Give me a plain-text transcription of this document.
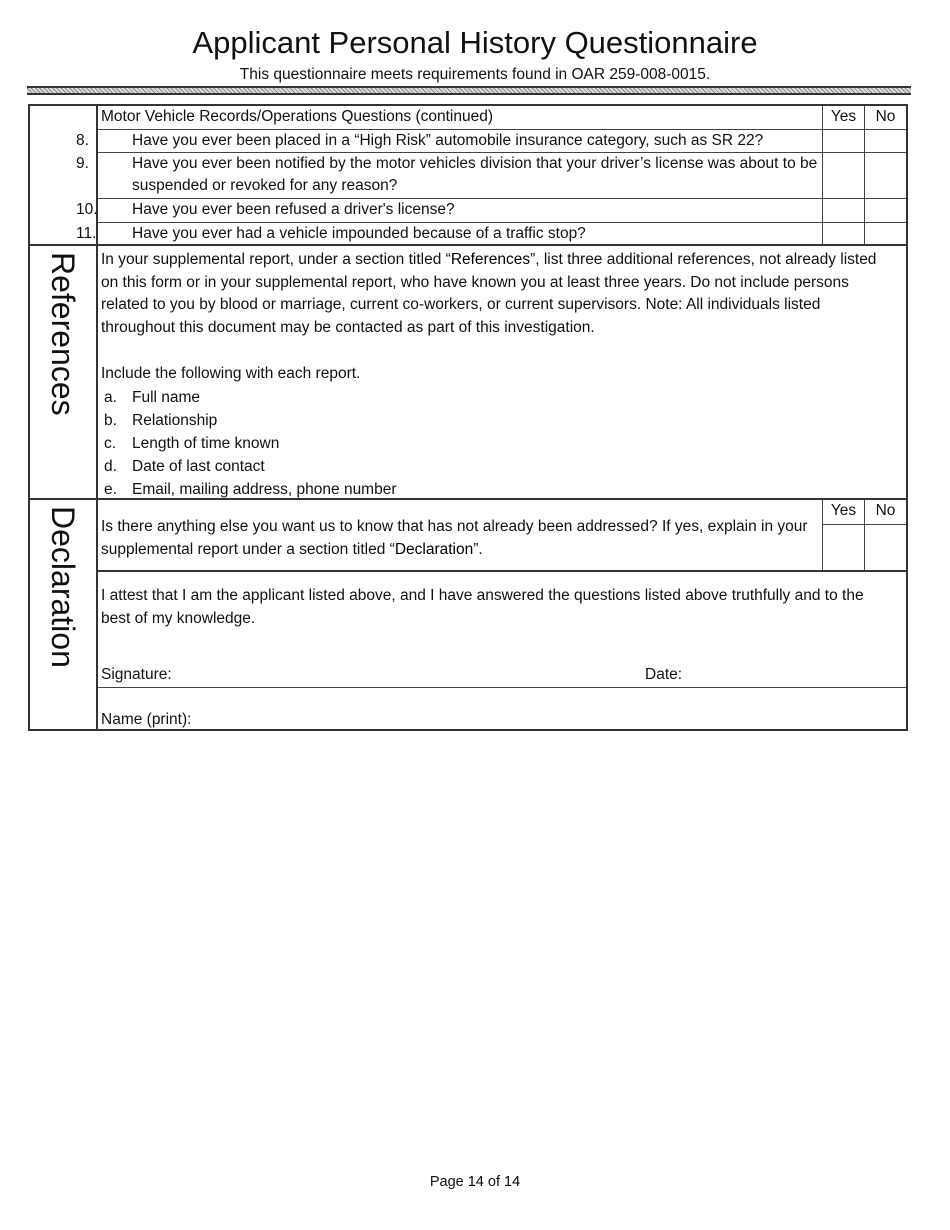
Applicant Personal History Questionnaire
This questionnaire meets requirements found in OAR 259-008-0015.
Motor Vehicle Records/Operations Questions (continued)	Yes	No
8.	Have you ever been placed in a “High Risk” automobile insurance category, such as SR 22?
9.	Have you ever been notified by the motor vehicles division that your driver’s license was about to be suspended or revoked for any reason?
10. Have you ever been refused a driver's license?
11. Have you ever had a vehicle impounded because of a traffic stop?
References In your supplemental report, under a section titled “References”, list three additional references, not already listed on this form or in your supplemental report, who have known you at least three years. Do not include persons related to you by blood or marriage, current co-workers, or current supervisors. Note: All individuals listed throughout this document may be contacted as part of this investigation.
Include the following with each report.
a. Full name
b. Relationship
c. Length of time known
d. Date of last contact
e. Email, mailing address, phone number
Declaration Is there anything else you want us to know that has not already been addressed? If yes, explain in your supplemental report under a section titled “Declaration”.
Yes	No
I attest that I am the applicant listed above, and I have answered the questions listed above truthfully and to the best of my knowledge.
Signature:	Date:
Name (print):
Page 14 of 14
